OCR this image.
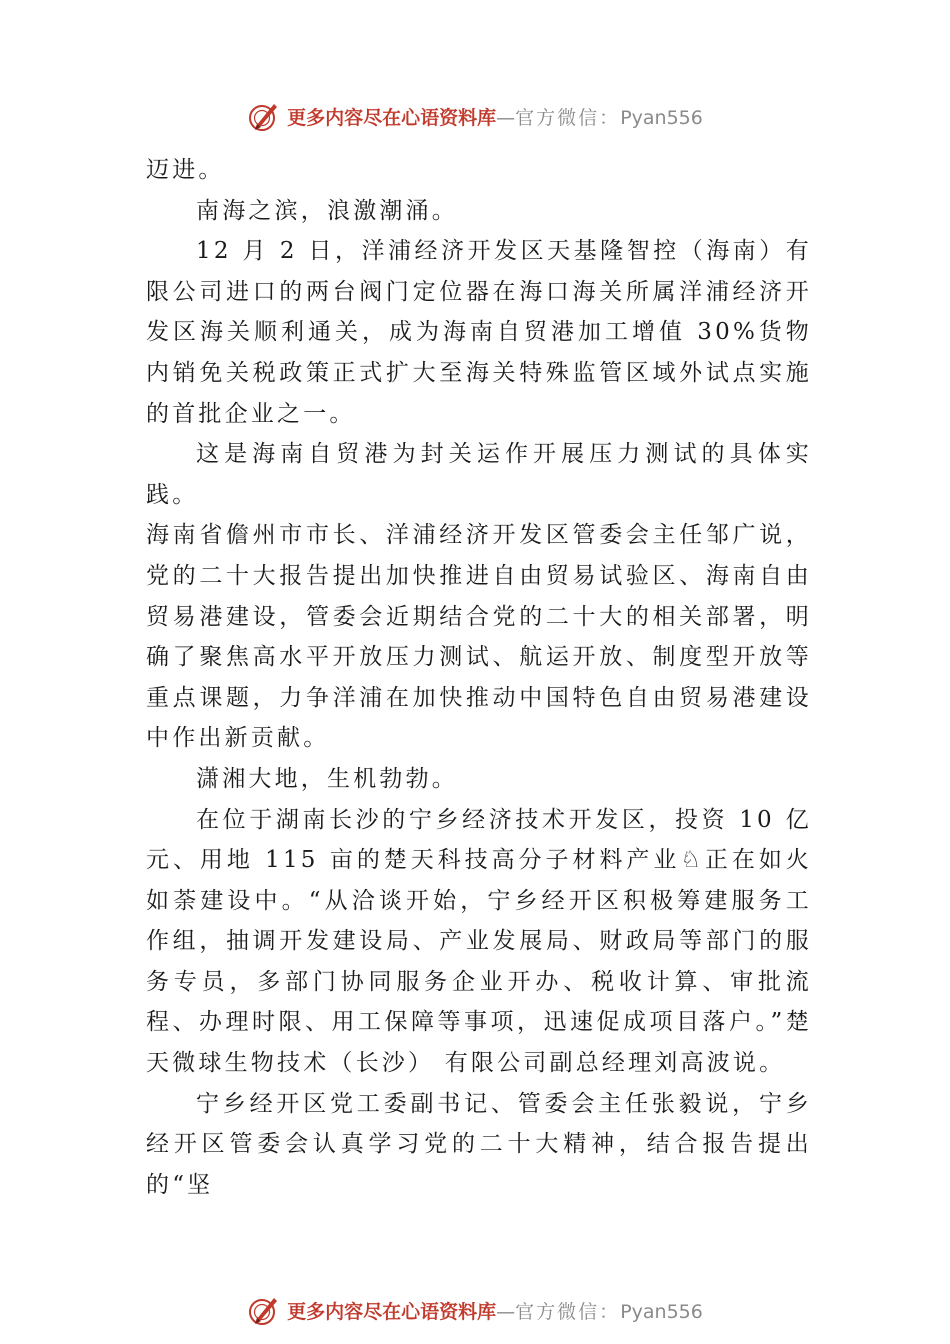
更多内容尽在心语资料库—官方微信：Pyan556

迈进。

南海之滨，浪激潮涌。

12 月 2 日，洋浦经济开发区天基隆智控（海南）有限公司进口的两台阀门定位器在海口海关所属洋浦经济开发区海关顺利通关，成为海南自贸港加工增值 30%货物内销免关税政策正式扩大至海关特殊监管区域外试点实施的首批企业之一。

这是海南自贸港为封关运作开展压力测试的具体实践。

海南省儋州市市长、洋浦经济开发区管委会主任邹广说，党的二十大报告提出加快推进自由贸易试验区、海南自由贸易港建设，管委会近期结合党的二十大的相关部署，明确了聚焦高水平开放压力测试、航运开放、制度型开放等重点课题，力争洋浦在加快推动中国特色自由贸易港建设中作出新贡献。

潇湘大地，生机勃勃。

在位于湖南长沙的宁乡经济技术开发区，投资 10 亿元、用地 115 亩的楚天科技高分子材料产业♘正在如火如荼建设中。“从洽谈开始，宁乡经开区积极筹建服务工作组，抽调开发建设局、产业发展局、财政局等部门的服务专员，多部门协同服务企业开办、税收计算、审批流程、办理时限、用工保障等事项，迅速促成项目落户。”楚天微球生物技术（长沙） 有限公司副总经理刘高波说。

宁乡经开区党工委副书记、管委会主任张毅说，宁乡经开区管委会认真学习党的二十大精神，结合报告提出的“坚

更多内容尽在心语资料库—官方微信：Pyan556
